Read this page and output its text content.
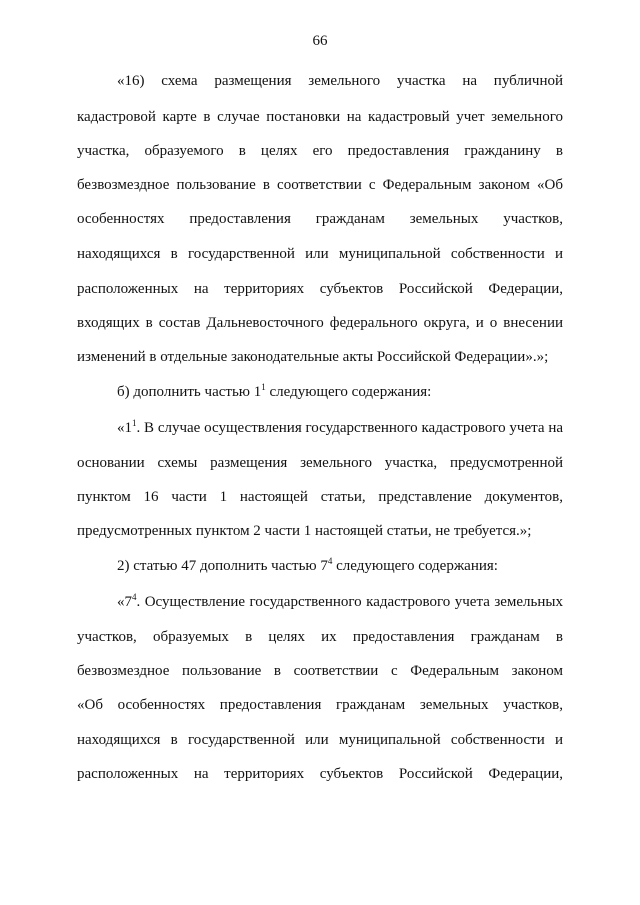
66
«16) схема размещения земельного участка на публичной
кадастровой карте в случае постановки на кадастровый учет земельного
участка, образуемого в целях его предоставления гражданину в
безвозмездное пользование в соответствии с Федеральным законом «Об
особенностях предоставления гражданам земельных участков,
находящихся в государственной или муниципальной собственности и
расположенных на территориях субъектов Российской Федерации,
входящих в состав Дальневосточного федерального округа, и о внесении
изменений в отдельные законодательные акты Российской Федерации».»;
б) дополнить частью $1^1$ следующего содержания:
«$1^1$. В случае осуществления государственного кадастрового учета на
основании схемы размещения земельного участка, предусмотренной
пунктом 16 части 1 настоящей статьи, представление документов,
предусмотренных пунктом 2 части 1 настоящей статьи, не требуется.»;
2) статью 47 дополнить частью $7^4$ следующего содержания:
«$7^4$. Осуществление государственного кадастрового учета земельных
участков, образуемых в целях их предоставления гражданам в
безвозмездное пользование в соответствии с Федеральным законом
«Об особенностях предоставления гражданам земельных участков,
находящихся в государственной или муниципальной собственности и
расположенных на территориях субъектов Российской Федерации,
